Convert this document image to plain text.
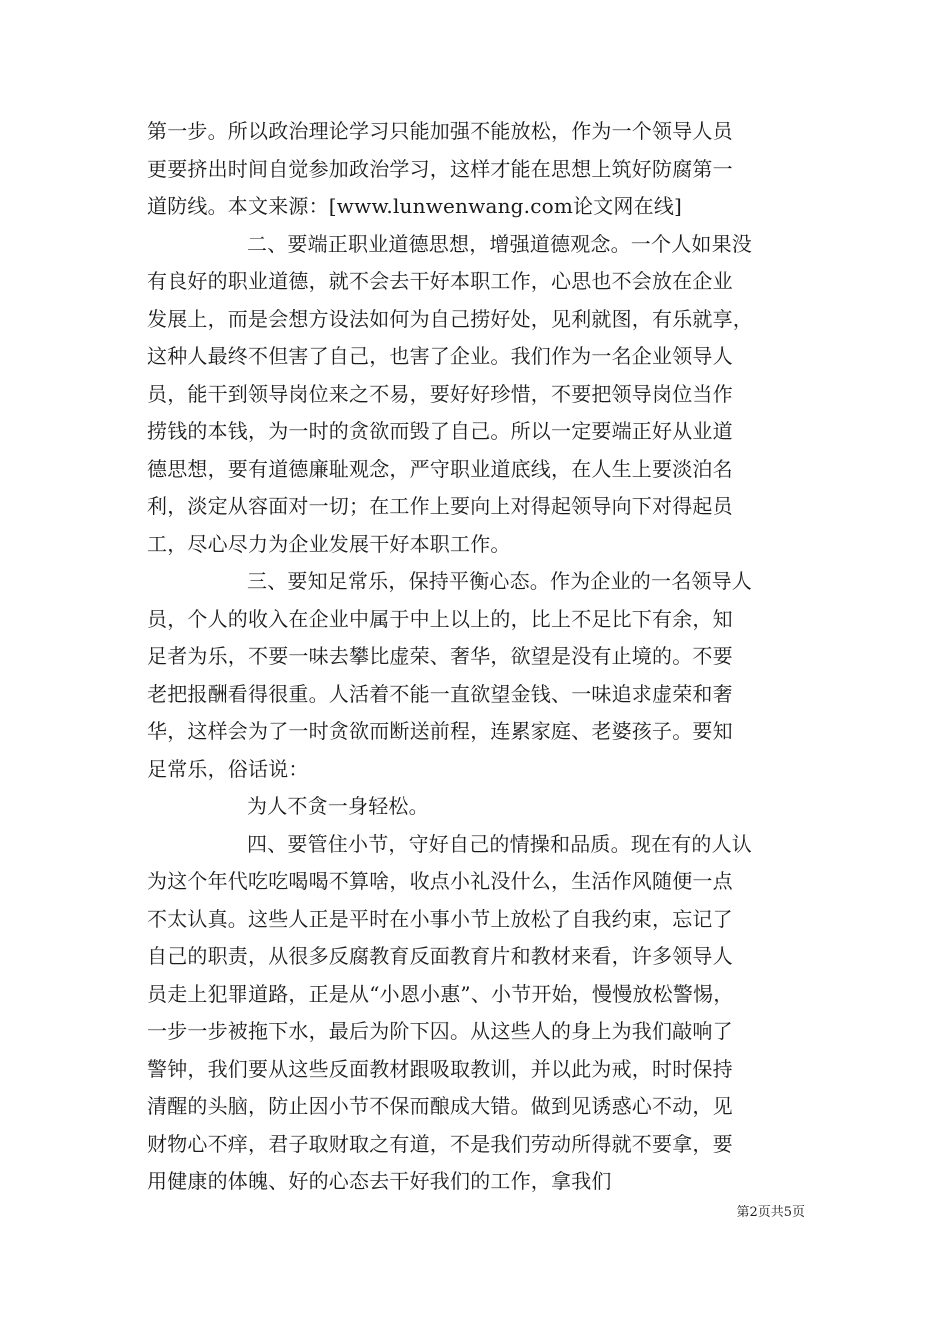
第一步。所以政治理论学习只能加强不能放松，作为一个领导人员
更要挤出时间自觉参加政治学习，这样才能在思想上筑好防腐第一
道防线。本文来源：[www.lunwenwang.com论文网在线]
二、要端正职业道德思想，增强道德观念。一个人如果没
有良好的职业道德，就不会去干好本职工作，心思也不会放在企业
发展上，而是会想方设法如何为自己捞好处，见利就图，有乐就享，
这种人最终不但害了自己，也害了企业。我们作为一名企业领导人
员，能干到领导岗位来之不易，要好好珍惜，不要把领导岗位当作
捞钱的本钱，为一时的贪欲而毁了自己。所以一定要端正好从业道
德思想，要有道德廉耻观念，严守职业道底线，在人生上要淡泊名
利，淡定从容面对一切；在工作上要向上对得起领导向下对得起员
工，尽心尽力为企业发展干好本职工作。
三、要知足常乐，保持平衡心态。作为企业的一名领导人
员，个人的收入在企业中属于中上以上的，比上不足比下有余，知
足者为乐，不要一味去攀比虚荣、奢华，欲望是没有止境的。不要
老把报酬看得很重。人活着不能一直欲望金钱、一味追求虚荣和奢
华，这样会为了一时贪欲而断送前程，连累家庭、老婆孩子。要知
足常乐，俗话说：
为人不贪一身轻松。
四、要管住小节，守好自己的情操和品质。现在有的人认
为这个年代吃吃喝喝不算啥，收点小礼没什么，生活作风随便一点
不太认真。这些人正是平时在小事小节上放松了自我约束，忘记了
自己的职责，从很多反腐教育反面教育片和教材来看，许多领导人
员走上犯罪道路，正是从“小恩小惠”、小节开始，慢慢放松警惕，
一步一步被拖下水，最后为阶下囚。从这些人的身上为我们敲响了
警钟，我们要从这些反面教材跟吸取教训，并以此为戒，时时保持
清醒的头脑，防止因小节不保而酿成大错。做到见诱惑心不动，见
财物心不痒，君子取财取之有道，不是我们劳动所得就不要拿，要
用健康的体魄、好的心态去干好我们的工作，拿我们
第2页共5页
